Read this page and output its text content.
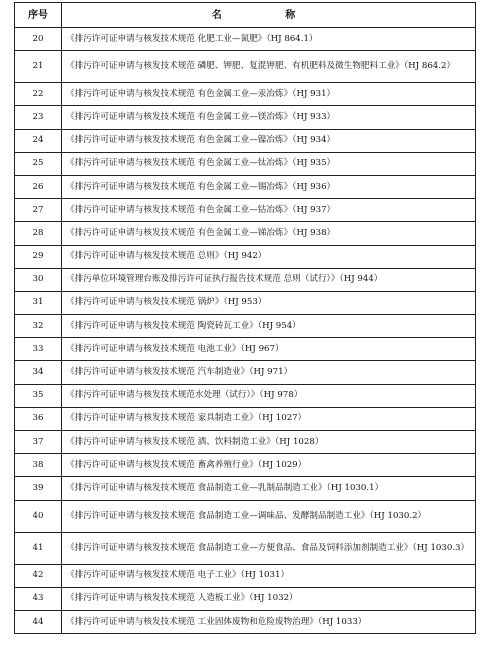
序号	名 称
20	《排污许可证申请与核发技术规范 化肥工业—氮肥》（HJ 864.1）
21	《排污许可证申请与核发技术规范 磷肥、钾肥、复混钾肥、有机肥料及微生物肥料工业》（HJ 864.2）
22	《排污许可证申请与核发技术规范 有色金属工业—汞冶炼》（HJ 931）
23	《排污许可证申请与核发技术规范 有色金属工业—镁冶炼》（HJ 933）
24	《排污许可证申请与核发技术规范 有色金属工业—镍冶炼》（HJ 934）
25	《排污许可证申请与核发技术规范 有色金属工业—钛冶炼》（HJ 935）
26	《排污许可证申请与核发技术规范 有色金属工业—锡冶炼》（HJ 936）
27	《排污许可证申请与核发技术规范 有色金属工业—钴冶炼》（HJ 937）
28	《排污许可证申请与核发技术规范 有色金属工业—锑冶炼》（HJ 938）
29	《排污许可证申请与核发技术规范 总则》（HJ 942）
30	《排污单位环境管理台账及排污许可证执行报告技术规范 总则（试行）》（HJ 944）
31	《排污许可证申请与核发技术规范 锅炉》（HJ 953）
32	《排污许可证申请与核发技术规范 陶瓷砖瓦工业》（HJ 954）
33	《排污许可证申请与核发技术规范 电池工业》（HJ 967）
34	《排污许可证申请与核发技术规范 汽车制造业》（HJ 971）
35	《排污许可证申请与核发技术规范水处理（试行）》（HJ 978）
36	《排污许可证申请与核发技术规范 家具制造工业》（HJ 1027）
37	《排污许可证申请与核发技术规范 酒、饮料制造工业》（HJ 1028）
38	《排污许可证申请与核发技术规范 畜禽养殖行业》（HJ 1029）
39	《排污许可证申请与核发技术规范 食品制造工业—乳制品制造工业》（HJ 1030.1）
40	《排污许可证申请与核发技术规范 食品制造工业—调味品、发酵制品制造工业》（HJ 1030.2）
41	《排污许可证申请与核发技术规范 食品制造工业—方便食品、食品及饲料添加剂制造工业》（HJ 1030.3）
42	《排污许可证申请与核发技术规范 电子工业》（HJ 1031）
43	《排污许可证申请与核发技术规范 人造板工业》（HJ 1032）
44	《排污许可证申请与核发技术规范 工业固体废物和危险废物治理》（HJ 1033）
